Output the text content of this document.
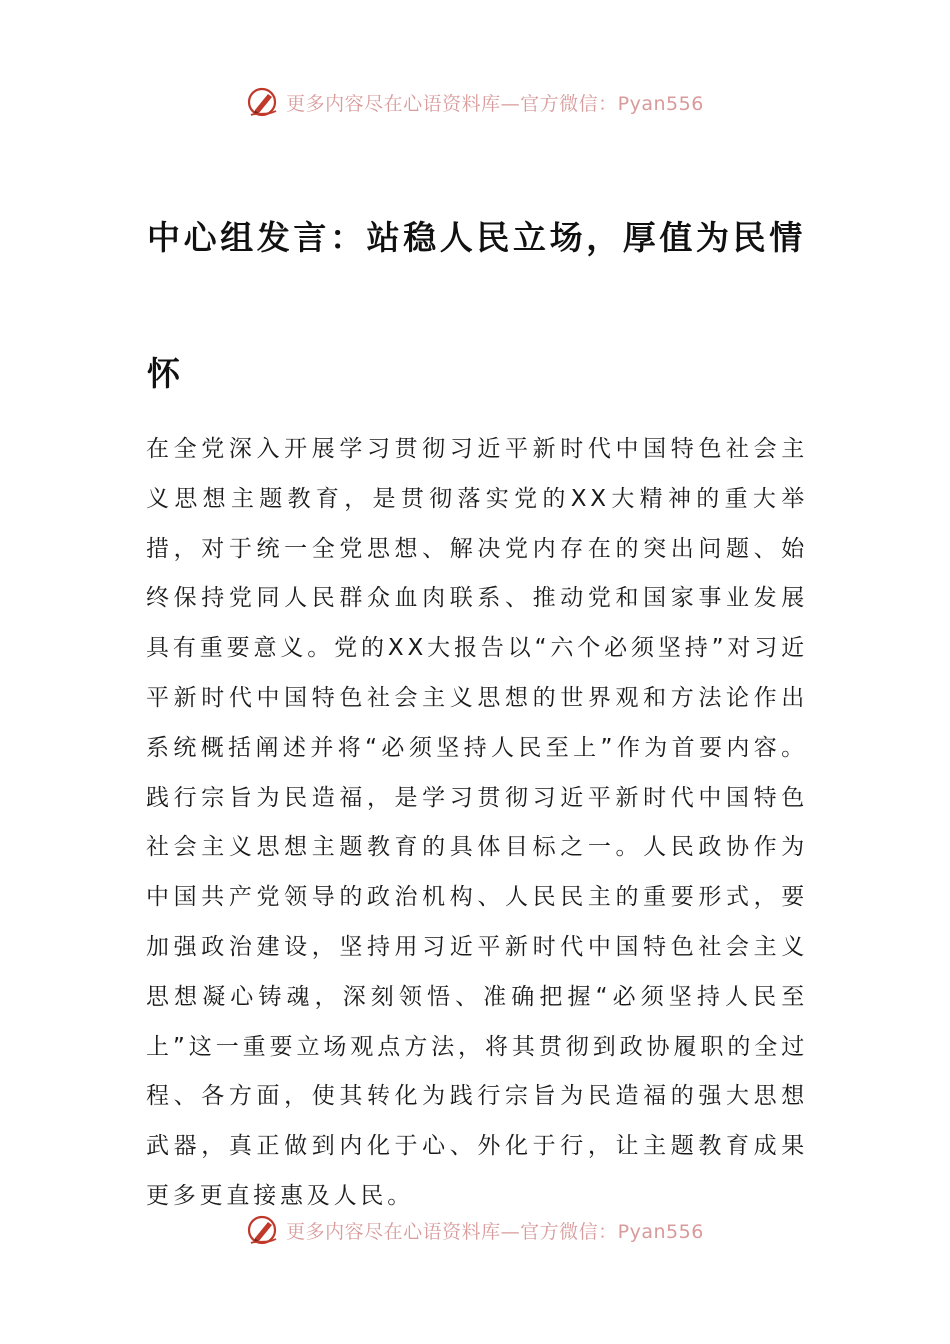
更多内容尽在心语资料库—官方微信：Pyan556
中心组发言：站稳人民立场，厚值为民情怀

在全党深入开展学习贯彻习近平新时代中国特色社会主义思想主题教育，是贯彻落实党的XX大精神的重大举措，对于统一全党思想、解决党内存在的突出问题、始终保持党同人民群众血肉联系、推动党和国家事业发展具有重要意义。党的XX大报告以“六个必须坚持”对习近平新时代中国特色社会主义思想的世界观和方法论作出系统概括阐述并将“必须坚持人民至上”作为首要内容。践行宗旨为民造福，是学习贯彻习近平新时代中国特色社会主义思想主题教育的具体目标之一。人民政协作为中国共产党领导的政治机构、人民民主的重要形式，要加强政治建设，坚持用习近平新时代中国特色社会主义思想凝心铸魂，深刻领悟、准确把握“必须坚持人民至上”这一重要立场观点方法，将其贯彻到政协履职的全过程、各方面，使其转化为践行宗旨为民造福的强大思想武器，真正做到内化于心、外化于行，让主题教育成果更多更直接惠及人民。

更多内容尽在心语资料库—官方微信：Pyan556
